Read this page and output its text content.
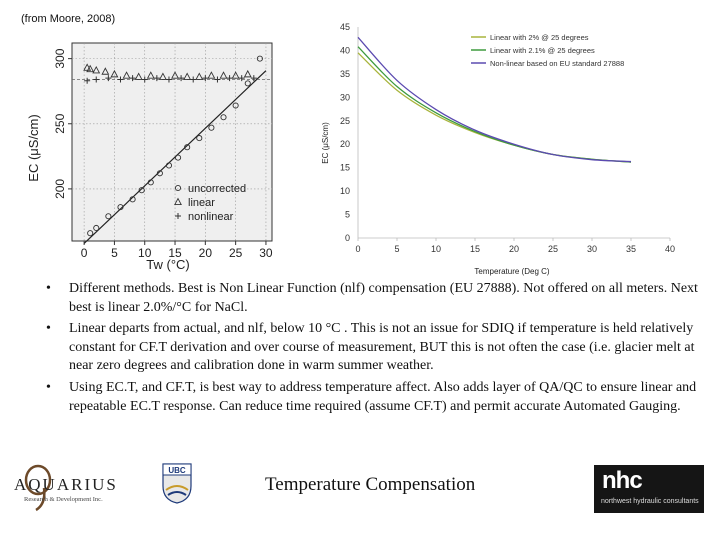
(from Moore, 2008)
0 5 10 15 20 25 30
200
250
300
uncorrected
linear
nonlinear
Tw (°C)
EC (μS/cm)
0	5	10	15	20	25	30	35	40
0
5
10
15
20
25
30
35
40
45
Linear with 2% @ 25 degrees
Linear with 2.1% @ 25 degrees
Non-linear based on EU standard 27888
Temperature (Deg C)
EC (μS/cm)
• Different methods. Best is Non Linear Function (nlf) compensation (EU 27888). Not offered on all meters. Next best is linear 2.0%/°C for NaCl.
• Linear departs from actual, and nlf, below 10 °C . This is not an issue for SDIQ if temperature is held relatively constant for CF.T derivation and over course of measurement, BUT this is not often the case (i.e. glacier melt at near zero degrees and calibration done in warm summer weather.
• Using EC.T, and CF.T, is best way to address temperature affect. Also adds layer of QA/QC to ensure linear and repeatable EC.T response. Can reduce time required (assume CF.T) and permit accurate Automated Gauging.
AQUARIUS
Research & Development Inc.
UBC
Temperature Compensation	nhc
northwest hydraulic consultants
